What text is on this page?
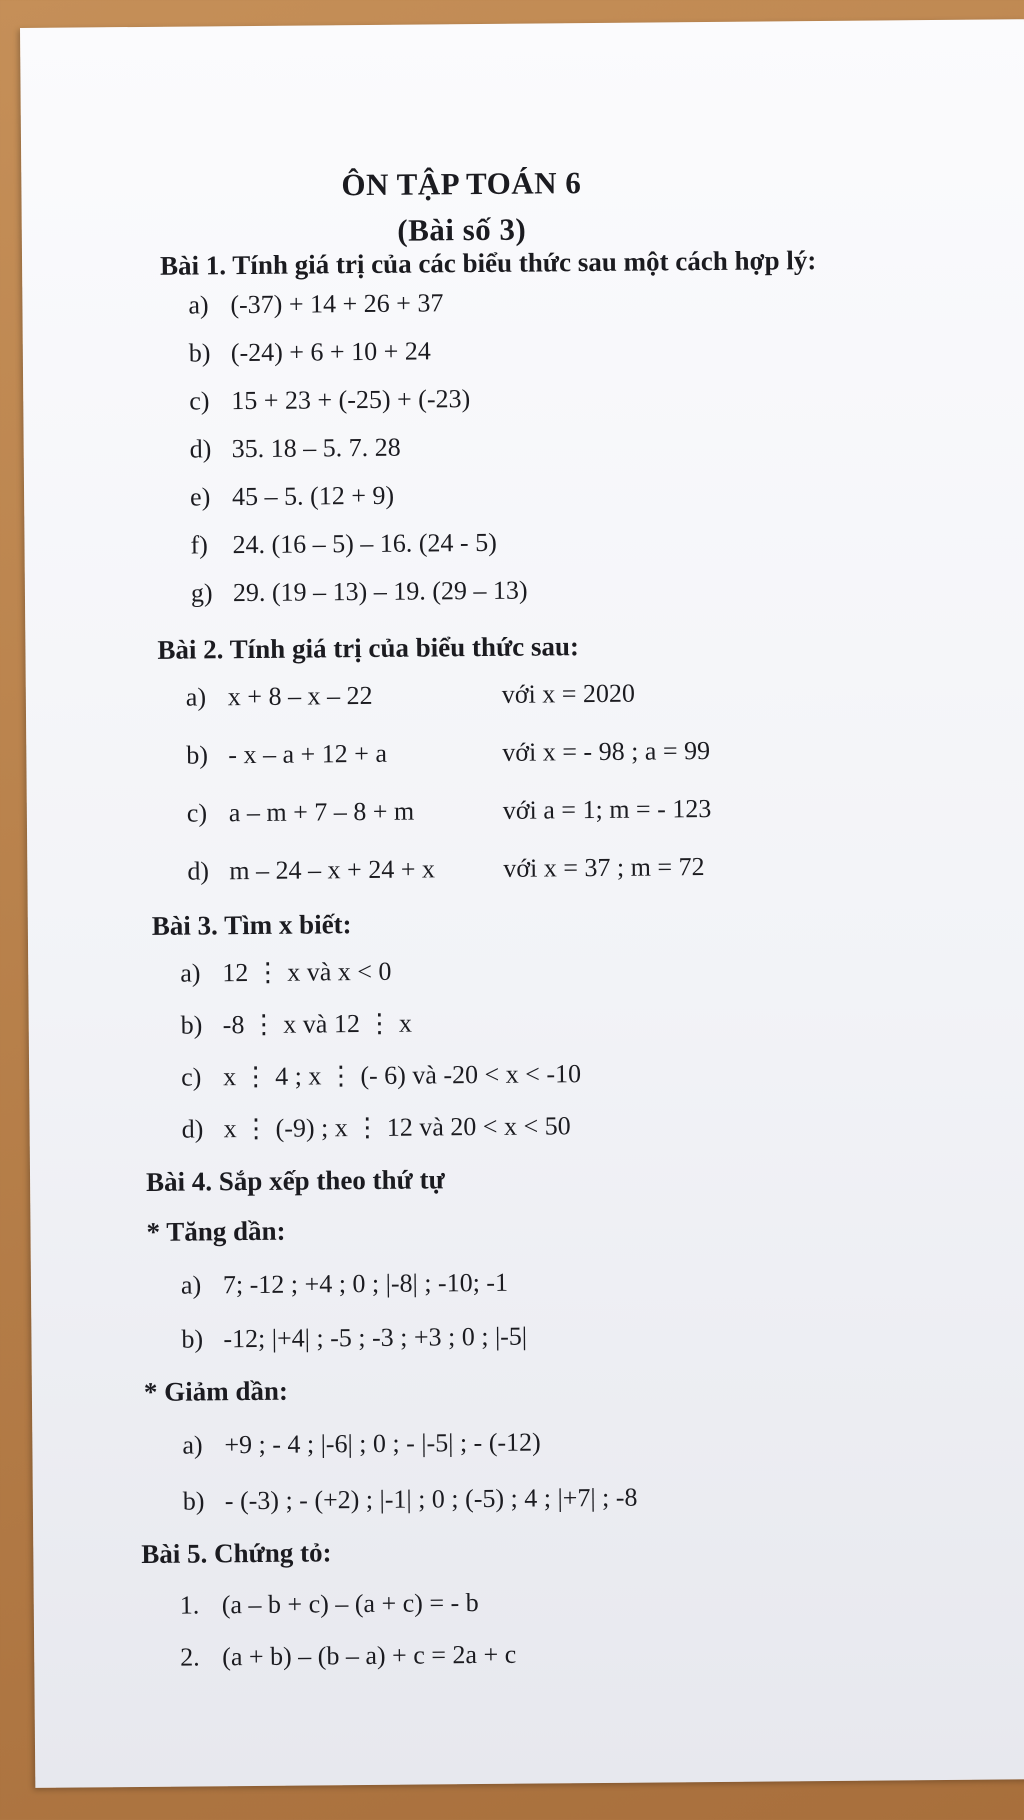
ÔN TẬP TOÁN 6
(Bài số 3)
Bài 1. Tính giá trị của các biểu thức sau một cách hợp lý:
a) (-37) + 14 + 26 + 37
b) (-24) + 6 + 10 + 24
c) 15 + 23 + (-25) + (-23)
d) 35. 18 – 5. 7. 28
e) 45 – 5. (12 + 9)
f) 24. (16 – 5) – 16. (24 - 5)
g) 29. (19 – 13) – 19. (29 – 13)
Bài 2. Tính giá trị của biểu thức sau:
a) x + 8 – x – 22	với x = 2020
b) - x – a + 12 + a	với x = - 98 ; a = 99
c) a – m + 7 – 8 + m	với a = 1; m = - 123
d) m – 24 – x + 24 + x	với x = 37 ; m = 72
Bài 3. Tìm x biết:
a) 12 ⋮ x và x < 0
b) -8 ⋮ x và 12 ⋮ x
c) x ⋮ 4 ; x ⋮ (- 6) và -20 < x < -10
d) x ⋮ (-9) ; x ⋮ 12 và 20 < x < 50
Bài 4. Sắp xếp theo thứ tự
* Tăng dần:
a) 7; -12 ; +4 ; 0 ; |-8| ; -10; -1
b) -12; |+4| ; -5 ; -3 ; +3 ; 0 ; |-5|
* Giảm dần:
a) +9 ; - 4 ; |-6| ; 0 ; - |-5| ; - (-12)
b) - (-3) ; - (+2) ; |-1| ; 0 ; (-5) ; 4 ; |+7| ; -8
Bài 5. Chứng tỏ:
1. (a – b + c) – (a + c) = - b
2. (a + b) – (b – a) + c = 2a + c
